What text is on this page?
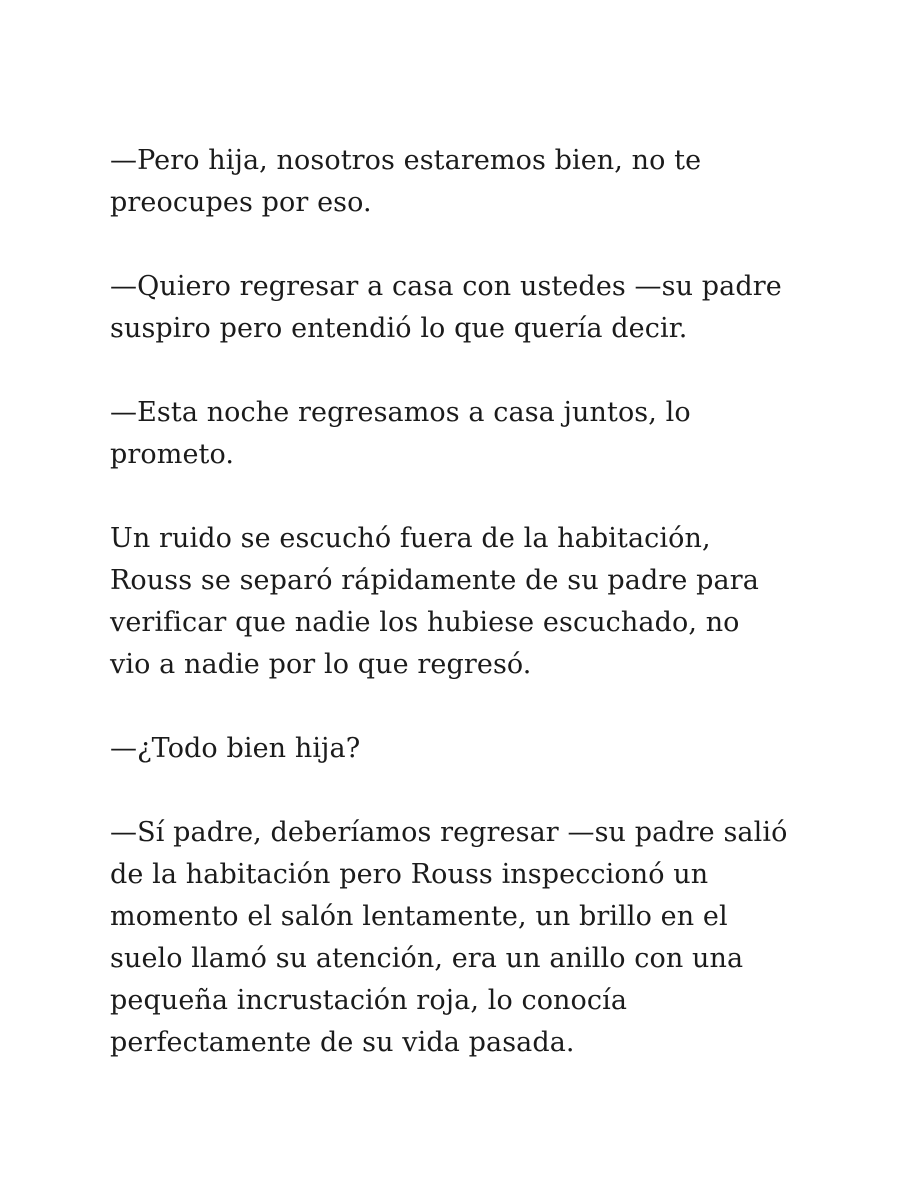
—Pero hija, nosotros estaremos bien, no te
preocupes por eso.

—Quiero regresar a casa con ustedes —su padre
suspiro pero entendió lo que quería decir.

—Esta noche regresamos a casa juntos, lo
prometo.

Un ruido se escuchó fuera de la habitación,
Rouss se separó rápidamente de su padre para
verificar que nadie los hubiese escuchado, no
vio a nadie por lo que regresó.

—¿Todo bien hija?

—Sí padre, deberíamos regresar —su padre salió
de la habitación pero Rouss inspeccionó un
momento el salón lentamente, un brillo en el
suelo llamó su atención, era un anillo con una
pequeña incrustación roja, lo conocía
perfectamente de su vida pasada.
